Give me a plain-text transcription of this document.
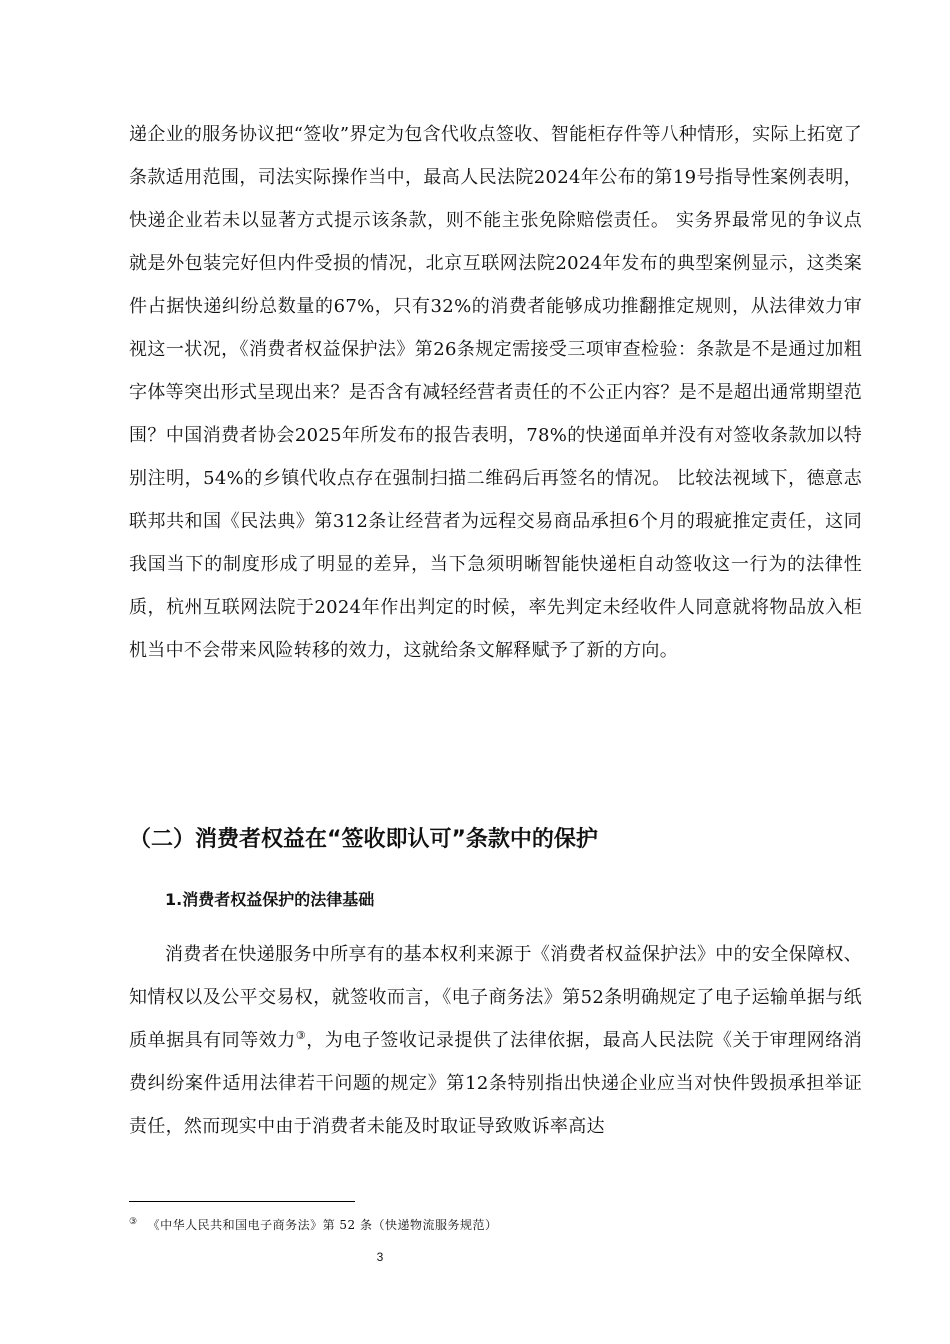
递企业的服务协议把“签收”界定为包含代收点签收、智能柜存件等八种情形，实际上拓宽了条款适用范围，司法实际操作当中，最高人民法院2024年公布的第19号指导性案例表明，快递企业若未以显著方式提示该条款，则不能主张免除赔偿责任。 实务界最常见的争议点就是外包装完好但内件受损的情况，北京互联网法院2024年发布的典型案例显示，这类案件占据快递纠纷总数量的67%，只有32%的消费者能够成功推翻推定规则，从法律效力审视这一状况，《消费者权益保护法》第26条规定需接受三项审查检验：条款是不是通过加粗字体等突出形式呈现出来？是否含有减轻经营者责任的不公正内容？是不是超出通常期望范围？中国消费者协会2025年所发布的报告表明，78%的快递面单并没有对签收条款加以特别注明，54%的乡镇代收点存在强制扫描二维码后再签名的情况。 比较法视域下，德意志联邦共和国《民法典》第312条让经营者为远程交易商品承担6个月的瑕疵推定责任，这同我国当下的制度形成了明显的差异，当下急须明晰智能快递柜自动签收这一行为的法律性质，杭州互联网法院于2024年作出判定的时候，率先判定未经收件人同意就将物品放入柜机当中不会带来风险转移的效力，这就给条文解释赋予了新的方向。
（二）消费者权益在“签收即认可”条款中的保护
1.消费者权益保护的法律基础
消费者在快递服务中所享有的基本权利来源于《消费者权益保护法》中的安全保障权、知情权以及公平交易权，就签收而言，《电子商务法》第52条明确规定了电子运输单据与纸质单据具有同等效力③，为电子签收记录提供了法律依据，最高人民法院《关于审理网络消费纠纷案件适用法律若干问题的规定》第12条特别指出快递企业应当对快件毁损承担举证责任，然而现实中由于消费者未能及时取证导致败诉率高达
③ 《中华人民共和国电子商务法》第 52 条（快递物流服务规范）
3
